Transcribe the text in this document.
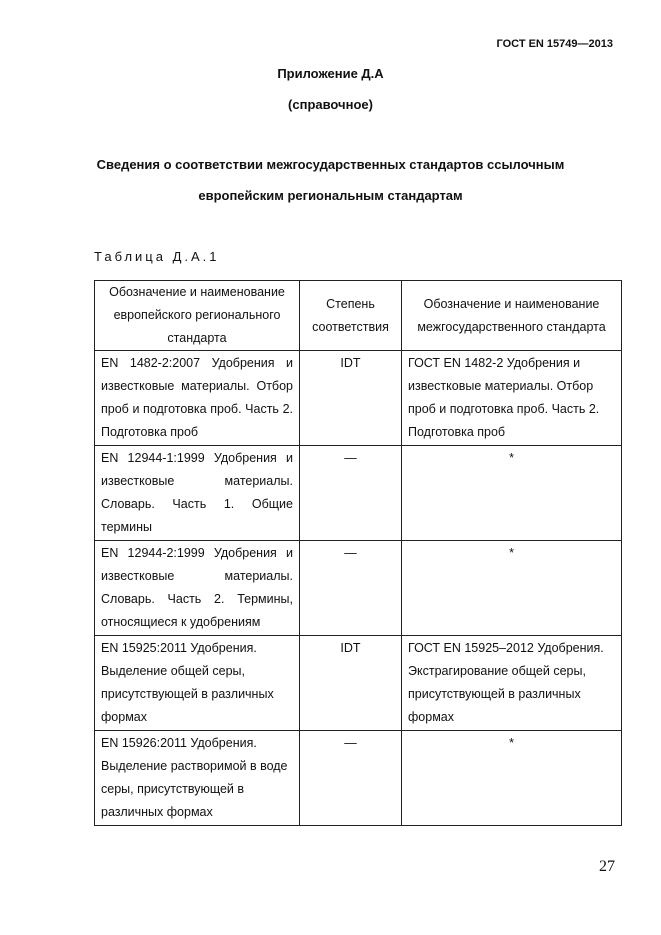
ГОСТ EN 15749—2013
Приложение Д.А
(справочное)
Сведения о соответствии межгосударственных стандартов ссылочным
европейским региональным стандартам
Таблица Д.А.1
Обозначение и наименование европейского регионального стандарта	Степень соответствия	Обозначение и наименование межгосударственного стандарта
EN 1482-2:2007 Удобрения и известковые материалы. Отбор проб и подготовка проб. Часть 2. Подготовка проб	IDT	ГОСТ EN 1482-2 Удобрения и известковые материалы. Отбор проб и подготовка проб. Часть 2. Подготовка проб
EN 12944-1:1999 Удобрения и известковые материалы. Словарь. Часть 1. Общие термины	—	*
EN 12944-2:1999 Удобрения и известковые материалы. Словарь. Часть 2. Термины, относящиеся к удобрениям	—	*
EN 15925:2011 Удобрения. Выделение общей серы, присутствующей в различных формах	IDT	ГОСТ EN 15925–2012 Удобрения. Экстрагирование общей серы, присутствующей в различных формах
EN 15926:2011 Удобрения. Выделение растворимой в воде серы, присутствующей в различных формах	—	*
27
